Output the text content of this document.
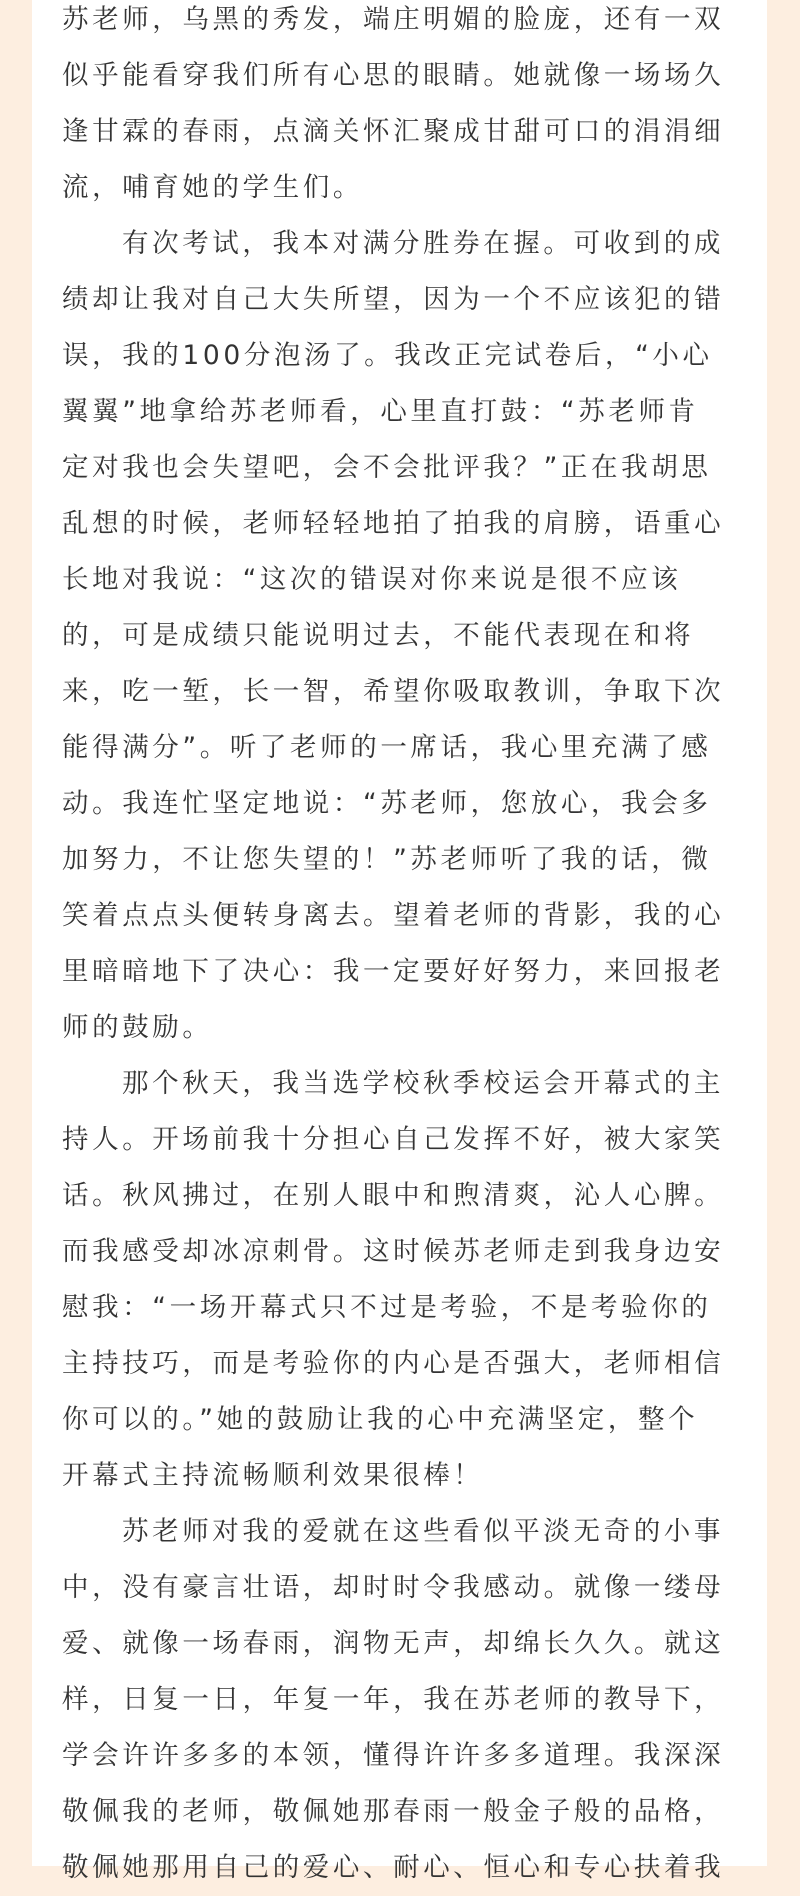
苏老师，乌黑的秀发，端庄明媚的脸庞，还有一双
似乎能看穿我们所有心思的眼睛。她就像一场场久
逢甘霖的春雨，点滴关怀汇聚成甘甜可口的涓涓细
流，哺育她的学生们。
有次考试，我本对满分胜券在握。可收到的成
绩却让我对自己大失所望，因为一个不应该犯的错
误，我的100分泡汤了。我改正完试卷后，“小心
翼翼”地拿给苏老师看，心里直打鼓：“苏老师肯
定对我也会失望吧，会不会批评我？”正在我胡思
乱想的时候，老师轻轻地拍了拍我的肩膀，语重心
长地对我说：“这次的错误对你来说是很不应该
的，可是成绩只能说明过去，不能代表现在和将
来，吃一堑，长一智，希望你吸取教训，争取下次
能得满分”。听了老师的一席话，我心里充满了感
动。我连忙坚定地说：“苏老师，您放心，我会多
加努力，不让您失望的！”苏老师听了我的话，微
笑着点点头便转身离去。望着老师的背影，我的心
里暗暗地下了决心：我一定要好好努力，来回报老
师的鼓励。
那个秋天，我当选学校秋季校运会开幕式的主
持人。开场前我十分担心自己发挥不好，被大家笑
话。秋风拂过，在别人眼中和煦清爽，沁人心脾。
而我感受却冰凉刺骨。这时候苏老师走到我身边安
慰我：“一场开幕式只不过是考验，不是考验你的
主持技巧，而是考验你的内心是否强大，老师相信
你可以的。”她的鼓励让我的心中充满坚定，整个
开幕式主持流畅顺利效果很棒！
苏老师对我的爱就在这些看似平淡无奇的小事
中，没有豪言壮语，却时时令我感动。就像一缕母
爱、就像一场春雨，润物无声，却绵长久久。就这
样，日复一日，年复一年，我在苏老师的教导下，
学会许许多多的本领，懂得许许多多道理。我深深
敬佩我的老师，敬佩她那春雨一般金子般的品格，
敬佩她那用自己的爱心、耐心、恒心和专心扶着我
